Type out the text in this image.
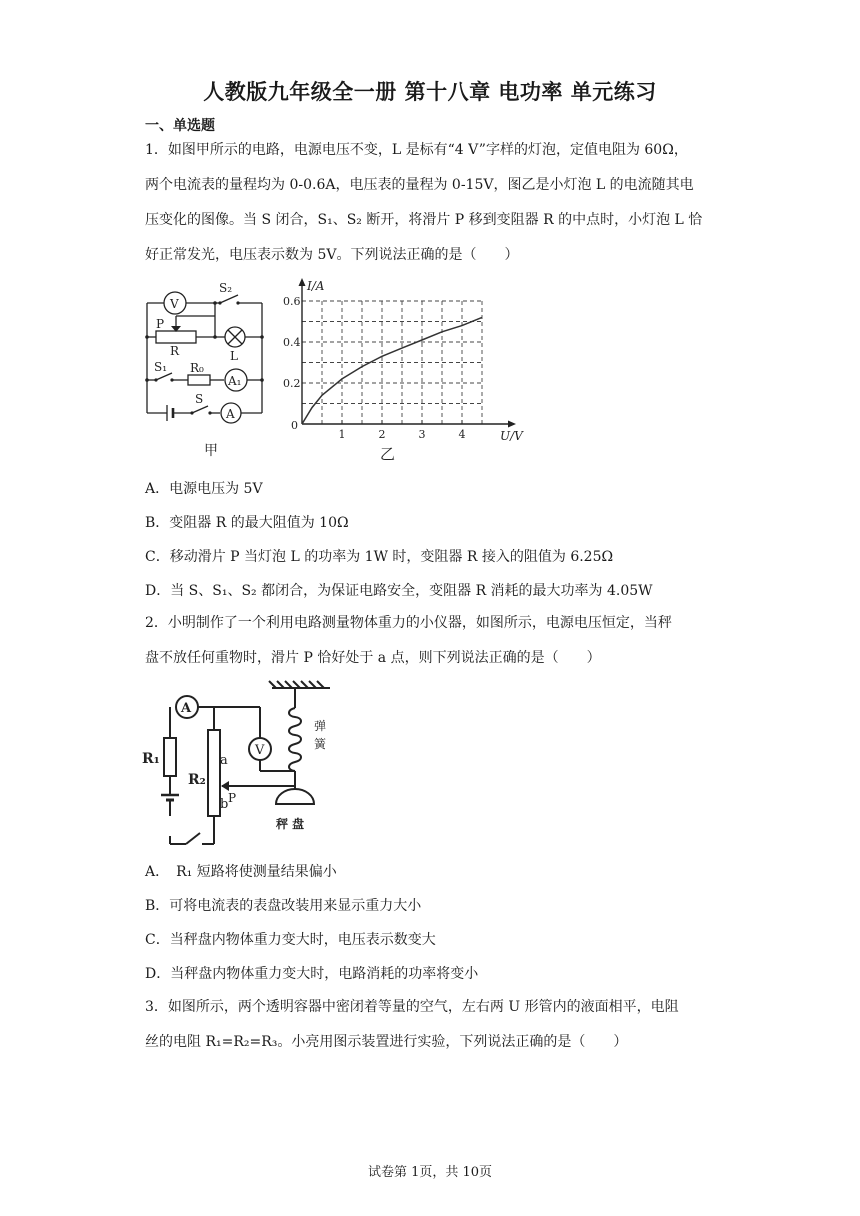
人教版九年级全一册 第十八章 电功率 单元练习
一、单选题

1．如图甲所示的电路，电源电压不变，L 是标有“4 V”字样的灯泡，定值电阻为 60Ω，

两个电流表的量程均为 0-0.6A，电压表的量程为 0-15V，图乙是小灯泡 L 的电流随其电

压变化的图像。当 S 闭合，S₁、S₂ 断开，将滑片 P 移到变阻器 R 的中点时，小灯泡 L 恰

好正常发光，电压表示数为 5V。下列说法正确的是（　　）

V
S₂
P
R	L
S₁ R₀
A₁
S
A
甲
1	2	3	4
0.2
0.4
0.6
0
U/V
I/A
乙
A．电源电压为 5V
B．变阻器 R 的最大阻值为 10Ω
C．移动滑片 P 当灯泡 L 的功率为 1W 时，变阻器 R 接入的阻值为 6.25Ω
D．当 S、S₁、S₂ 都闭合，为保证电路安全，变阻器 R 消耗的最大功率为 4.05W

2．小明制作了一个利用电路测量物体重力的小仪器，如图所示，电源电压恒定，当秤

盘不放任何重物时，滑片 P 恰好处于 a 点，则下列说法正确的是（　　）

A
V
R₁
R₂
a
b P
弹
簧
秤 盘
A．　R₁ 短路将使测量结果偏小
B．可将电流表的表盘改装用来显示重力大小
C．当秤盘内物体重力变大时，电压表示数变大
D．当秤盘内物体重力变大时，电路消耗的功率将变小

3．如图所示，两个透明容器中密闭着等量的空气，左右两 U 形管内的液面相平，电阻

丝的电阻 R₁=R₂=R₃。小亮用图示装置进行实验，下列说法正确的是（　　）

试卷第 1页，共 10页
